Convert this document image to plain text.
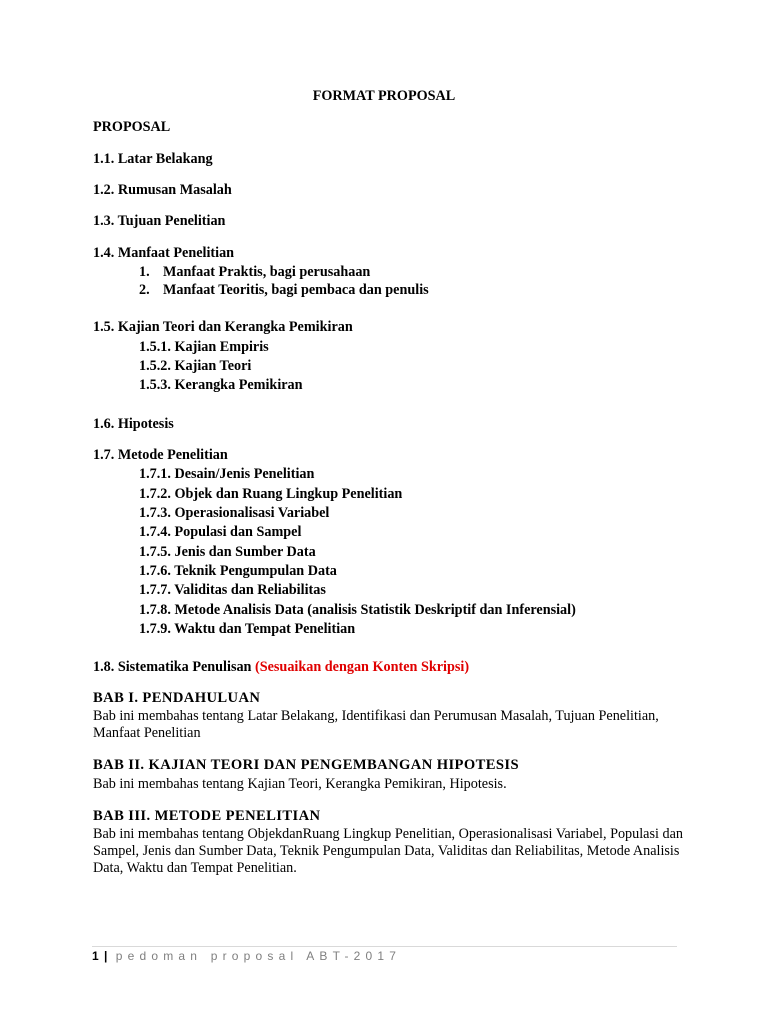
FORMAT PROPOSAL
PROPOSAL
1.1. Latar Belakang
1.2. Rumusan Masalah
1.3. Tujuan Penelitian
1.4. Manfaat Penelitian
1. Manfaat Praktis, bagi perusahaan
2. Manfaat Teoritis, bagi pembaca dan penulis
1.5. Kajian Teori dan Kerangka Pemikiran
1.5.1. Kajian Empiris
1.5.2. Kajian Teori
1.5.3. Kerangka Pemikiran
1.6. Hipotesis
1.7. Metode Penelitian
1.7.1. Desain/Jenis Penelitian
1.7.2. Objek dan Ruang Lingkup Penelitian
1.7.3. Operasionalisasi Variabel
1.7.4. Populasi dan Sampel
1.7.5. Jenis dan Sumber Data
1.7.6. Teknik Pengumpulan Data
1.7.7. Validitas dan Reliabilitas
1.7.8. Metode Analisis Data (analisis Statistik Deskriptif dan Inferensial)
1.7.9. Waktu dan Tempat Penelitian
1.8. Sistematika Penulisan (Sesuaikan dengan Konten Skripsi)
BAB I. PENDAHULUAN
Bab ini membahas tentang Latar Belakang, Identifikasi dan Perumusan Masalah, Tujuan Penelitian, Manfaat Penelitian
BAB II. KAJIAN TEORI DAN PENGEMBANGAN HIPOTESIS
Bab ini membahas tentang Kajian Teori, Kerangka Pemikiran, Hipotesis.
BAB III. METODE PENELITIAN
Bab ini membahas tentang ObjekdanRuang Lingkup Penelitian, Operasionalisasi Variabel, Populasi dan Sampel, Jenis dan Sumber Data, Teknik Pengumpulan Data, Validitas dan Reliabilitas, Metode Analisis Data, Waktu dan Tempat Penelitian.
1 | pedoman proposal ABT-2017
